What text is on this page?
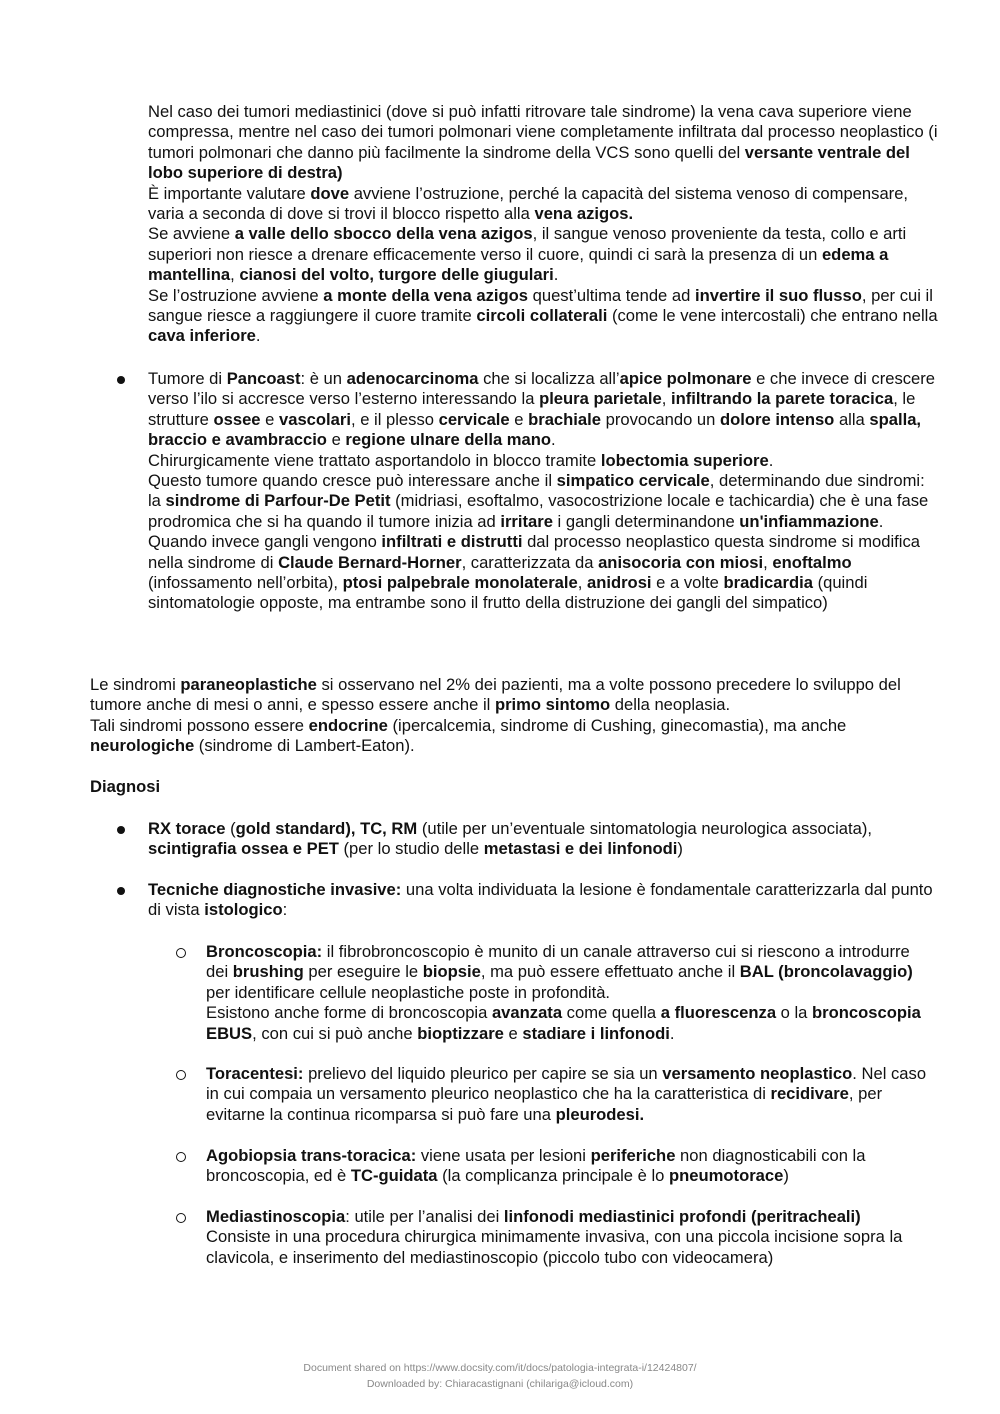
Nel caso dei tumori mediastinici (dove si può infatti ritrovare tale sindrome) la vena cava superiore viene compressa, mentre nel caso dei tumori polmonari viene completamente infiltrata dal processo neoplastico (i tumori polmonari che danno più facilmente la sindrome della VCS sono quelli del versante ventrale del lobo superiore di destra)
È importante valutare dove avviene l’ostruzione, perché la capacità del sistema venoso di compensare, varia a seconda di dove si trovi il blocco rispetto alla vena azigos.
Se avviene a valle dello sbocco della vena azigos, il sangue venoso proveniente da testa, collo e arti superiori non riesce a drenare efficacemente verso il cuore, quindi ci sarà la presenza di un edema a mantellina, cianosi del volto, turgore delle giugulari.
Se l’ostruzione avviene a monte della vena azigos quest’ultima tende ad invertire il suo flusso, per cui il sangue riesce a raggiungere il cuore tramite circoli collaterali (come le vene intercostali) che entrano nella cava inferiore.

Tumore di Pancoast: è un adenocarcinoma che si localizza all’apice polmonare e che invece di crescere verso l’ilo si accresce verso l’esterno interessando la pleura parietale, infiltrando la parete toracica, le strutture ossee e vascolari, e il plesso cervicale e brachiale provocando un dolore intenso alla spalla, braccio e avambraccio e regione ulnare della mano.
Chirurgicamente viene trattato asportandolo in blocco tramite lobectomia superiore.
Questo tumore quando cresce può interessare anche il simpatico cervicale, determinando due sindromi: la sindrome di Parfour-De Petit (midriasi, esoftalmo, vasocostrizione locale e tachicardia) che è una fase prodromica che si ha quando il tumore inizia ad irritare i gangli determinandone un'infiammazione.
Quando invece gangli vengono infiltrati e distrutti dal processo neoplastico questa sindrome si modifica nella sindrome di Claude Bernard-Horner, caratterizzata da anisocoria con miosi, enoftalmo (infossamento nell’orbita), ptosi palpebrale monolaterale, anidrosi e a volte bradicardia (quindi sintomatologie opposte, ma entrambe sono il frutto della distruzione dei gangli del simpatico)

Le sindromi paraneoplastiche si osservano nel 2% dei pazienti, ma a volte possono precedere lo sviluppo del tumore anche di mesi o anni, e spesso essere anche il primo sintomo della neoplasia.
Tali sindromi possono essere endocrine (ipercalcemia, sindrome di Cushing, ginecomastia), ma anche neurologiche (sindrome di Lambert-Eaton).

Diagnosi

RX torace (gold standard), TC, RM (utile per un’eventuale sintomatologia neurologica associata), scintigrafia ossea e PET (per lo studio delle metastasi e dei linfonodi)

Tecniche diagnostiche invasive: una volta individuata la lesione è fondamentale caratterizzarla dal punto di vista istologico:

Broncoscopia: il fibrobroncoscopio è munito di un canale attraverso cui si riescono a introdurre dei brushing per eseguire le biopsie, ma può essere effettuato anche il BAL (broncolavaggio) per identificare cellule neoplastiche poste in profondità.
Esistono anche forme di broncoscopia avanzata come quella a fluorescenza o la broncoscopia EBUS, con cui si può anche bioptizzare e stadiare i linfonodi.

Toracentesi: prelievo del liquido pleurico per capire se sia un versamento neoplastico. Nel caso in cui compaia un versamento pleurico neoplastico che ha la caratteristica di recidivare, per evitarne la continua ricomparsa si può fare una pleurodesi.

Agobiopsia trans-toracica: viene usata per lesioni periferiche non diagnosticabili con la broncoscopia, ed è TC-guidata (la complicanza principale è lo pneumotorace)

Mediastinoscopia: utile per l’analisi dei linfonodi mediastinici profondi (peritracheali)
Consiste in una procedura chirurgica minimamente invasiva, con una piccola incisione sopra la clavicola, e inserimento del mediastinoscopio (piccolo tubo con videocamera)

Document shared on https://www.docsity.com/it/docs/patologia-integrata-i/12424807/
Downloaded by: Chiaracastignani (chilariga@icloud.com)
